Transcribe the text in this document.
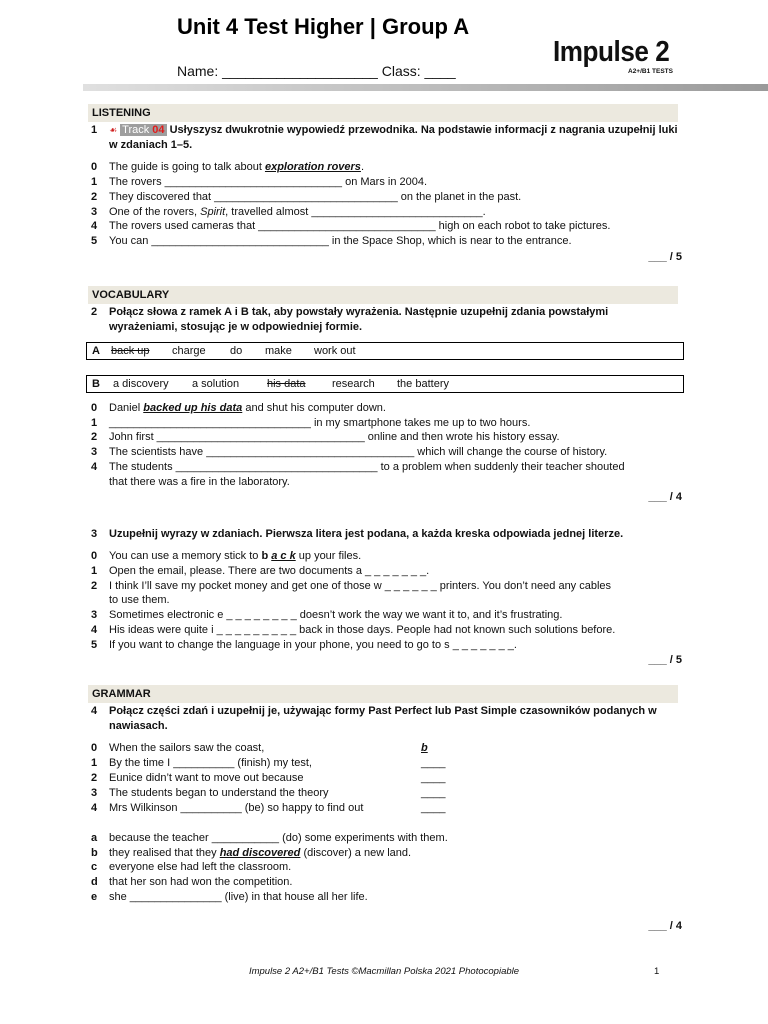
Unit 4 Test Higher | Group A
Name: ____________________ Class: ____
Impulse 2
A2+/B1 TESTS
LISTENING
1 ☙ Track 04 Usłyszysz dwukrotnie wypowiedź przewodnika. Na podstawie informacji z nagrania uzupełnij luki w zdaniach 1–5.
0 The guide is going to talk about exploration rovers.
1 The rovers _____________________________ on Mars in 2004.
2 They discovered that ______________________________ on the planet in the past.
3 One of the rovers, Spirit, travelled almost ____________________________.
4 The rovers used cameras that _____________________________ high on each robot to take pictures.
5 You can _____________________________ in the Space Shop, which is near to the entrance.
___ / 5
VOCABULARY
2 Połącz słowa z ramek A i B tak, aby powstały wyrażenia. Następnie uzupełnij zdania powstałymi wyrażeniami, stosując je w odpowiedniej formie.
A back up charge do make work out
B a discovery a solution	his data research the battery
0 Daniel backed up his data and shut his computer down.
1 _________________________________ in my smartphone takes me up to two hours.
2 John first __________________________________ online and then wrote his history essay.
3 The scientists have __________________________________ which will change the course of history.
4 The students _________________________________ to a problem when suddenly their teacher shouted
that there was a fire in the laboratory.
___ / 4
3 Uzupełnij wyrazy w zdaniach. Pierwsza litera jest podana, a każda kreska odpowiada jednej literze.
0 You can use a memory stick to b a c k up your files.
1 Open the email, please. There are two documents a _ _ _ _ _ _ _.
2 I think I’ll save my pocket money and get one of those w _ _ _ _ _ _ printers. You don’t need any cables
to use them.
3 Sometimes electronic e _ _ _ _ _ _ _ _ doesn’t work the way we want it to, and it’s frustrating.
4 His ideas were quite i _ _ _ _ _ _ _ _ _ back in those days. People had not known such solutions before.
5 If you want to change the language in your phone, you need to go to s _ _ _ _ _ _ _.
___ / 5
GRAMMAR
4 Połącz części zdań i uzupełnij je, używając formy Past Perfect lub Past Simple czasowników podanych w nawiasach.
0 When the sailors saw the coast,	b
1 By the time I __________ (finish) my test,	____
2 Eunice didn’t want to move out because	____
3 The students began to understand the theory	____
4 Mrs Wilkinson __________ (be) so happy to find out	____
a because the teacher ___________ (do) some experiments with them.
b they realised that they had discovered (discover) a new land.
c everyone else had left the classroom.
d that her son had won the competition.
e she _______________ (live) in that house all her life.
___ / 4
Impulse 2 A2+/B1 Tests ©Macmillan Polska 2021 Photocopiable	1
